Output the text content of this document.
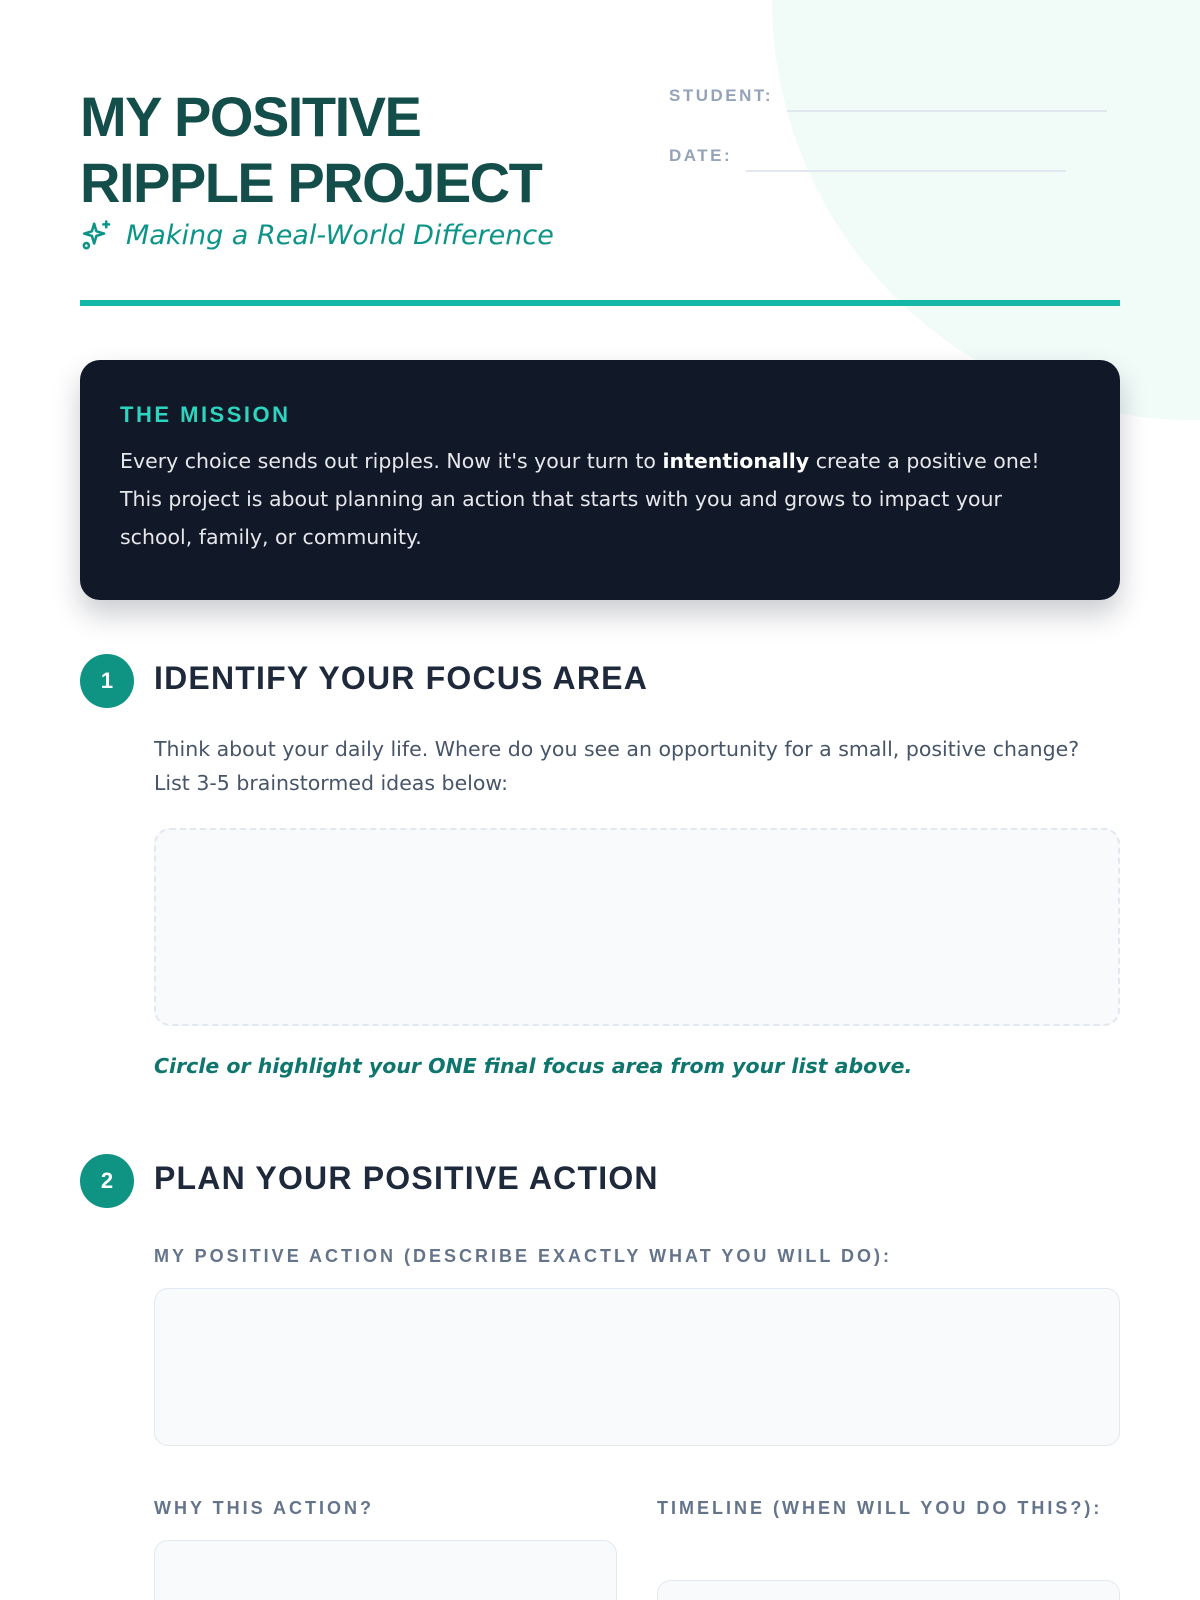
MY POSITIVE
RIPPLE PROJECT
Making a Real-World Difference
STUDENT:
DATE:
THE MISSION

Every choice sends out ripples. Now it's your turn to intentionally create a positive one! This project is about planning an action that starts with you and grows to impact your school, family, or community.

1	IDENTIFY YOUR FOCUS AREA

Think about your daily life. Where do you see an opportunity for a small, positive change? List 3-5 brainstormed ideas below:

Circle or highlight your ONE final focus area from your list above.

2	PLAN YOUR POSITIVE ACTION
MY POSITIVE ACTION (DESCRIBE EXACTLY WHAT YOU WILL DO):
WHY THIS ACTION?	TIMELINE (WHEN WILL YOU DO THIS?):
